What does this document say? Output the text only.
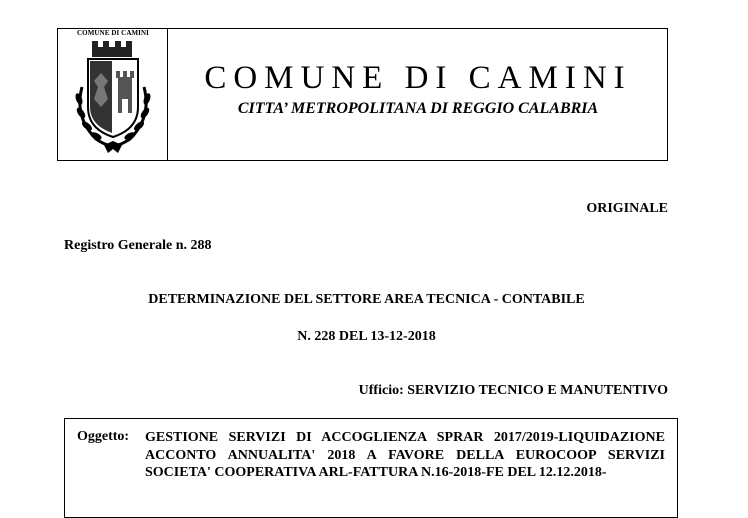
COMUNE DI CAMINI
COMUNE DI CAMINI
CITTA’ METROPOLITANA DI REGGIO CALABRIA
ORIGINALE
Registro Generale n. 288
DETERMINAZIONE DEL SETTORE AREA TECNICA - CONTABILE
N. 228 DEL 13-12-2018
Ufficio: SERVIZIO TECNICO E MANUTENTIVO
Oggetto: GESTIONE SERVIZI DI ACCOGLIENZA SPRAR 2017/2019-LIQUIDAZIONE ACCONTO ANNUALITA' 2018 A FAVORE DELLA EUROCOOP SERVIZI SOCIETA' COOPERATIVA ARL-FATTURA N.16-2018-FE DEL 12.12.2018-
